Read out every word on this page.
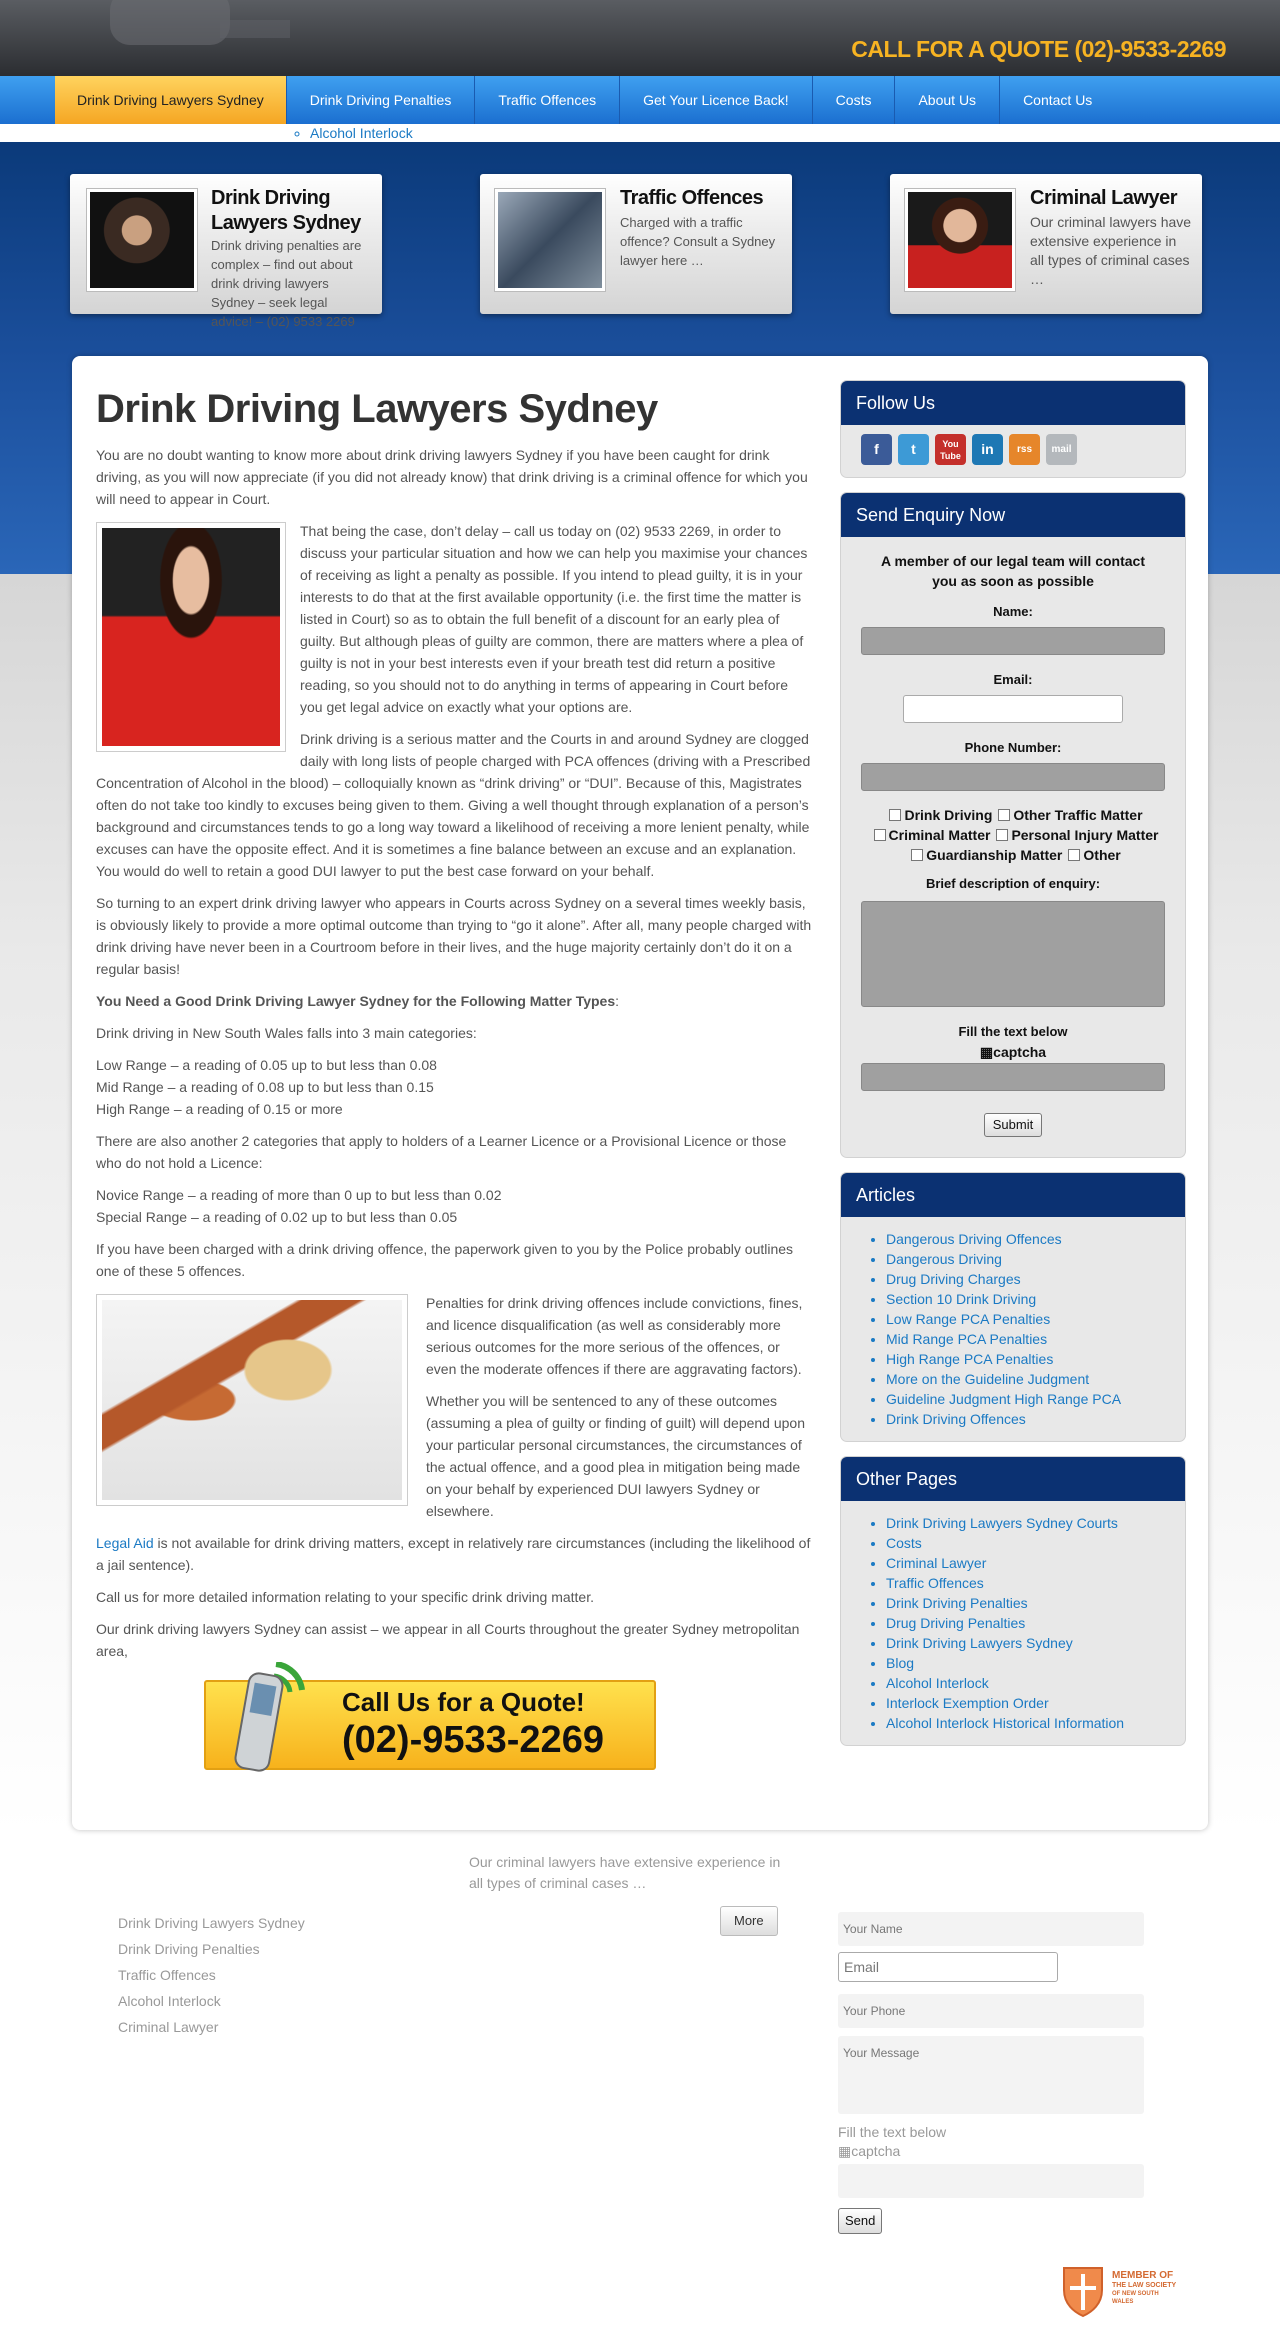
CALL FOR A QUOTE (02)-9533-2269
Drink Driving Lawyers Sydney	Drink Driving Penalties	Traffic Offences	Get Your Licence Back!	Costs	About Us	Contact Us
◦ Alcohol Interlock
Drink Driving Lawyers Sydney

Drink driving penalties are complex – find out about drink driving lawyers Sydney – seek legal advice! – (02) 9533 2269

Traffic Offences

Charged with a traffic offence? Consult a Sydney lawyer here …

Criminal Lawyer

Our criminal lawyers have extensive experience in all types of criminal cases …

Drink Driving Lawyers Sydney

You are no doubt wanting to know more about drink driving lawyers Sydney if you have been caught for drink driving, as you will now appreciate (if you did not already know) that drink driving is a criminal offence for which you will need to appear in Court.

That being the case, don’t delay – call us today on (02) 9533 2269, in order to discuss your particular situation and how we can help you maximise your chances of receiving as light a penalty as possible. If you intend to plead guilty, it is in your interests to do that at the first available opportunity (i.e. the first time the matter is listed in Court) so as to obtain the full benefit of a discount for an early plea of guilty. But although pleas of guilty are common, there are matters where a plea of guilty is not in your best interests even if your breath test did return a positive reading, so you should not to do anything in terms of appearing in Court before you get legal advice on exactly what your options are.

Drink driving is a serious matter and the Courts in and around Sydney are clogged daily with long lists of people charged with PCA offences (driving with a Prescribed Concentration of Alcohol in the blood) – colloquially known as “drink driving” or “DUI”. Because of this, Magistrates often do not take too kindly to excuses being given to them. Giving a well thought through explanation of a person’s background and circumstances tends to go a long way toward a likelihood of receiving a more lenient penalty, while excuses can have the opposite effect. And it is sometimes a fine balance between an excuse and an explanation. You would do well to retain a good DUI lawyer to put the best case forward on your behalf.

So turning to an expert drink driving lawyer who appears in Courts across Sydney on a several times weekly basis, is obviously likely to provide a more optimal outcome than trying to “go it alone”. After all, many people charged with drink driving have never been in a Courtroom before in their lives, and the huge majority certainly don’t do it on a regular basis!

You Need a Good Drink Driving Lawyer Sydney for the Following Matter Types:

Drink driving in New South Wales falls into 3 main categories:

Low Range – a reading of 0.05 up to but less than 0.08
Mid Range – a reading of 0.08 up to but less than 0.15
High Range – a reading of 0.15 or more

There are also another 2 categories that apply to holders of a Learner Licence or a Provisional Licence or those who do not hold a Licence:

Novice Range – a reading of more than 0 up to but less than 0.02
Special Range – a reading of 0.02 up to but less than 0.05

If you have been charged with a drink driving offence, the paperwork given to you by the Police probably outlines one of these 5 offences.

Penalties for drink driving offences include convictions, fines, and licence disqualification (as well as considerably more serious outcomes for the more serious of the offences, or even the moderate offences if there are aggravating factors).

Whether you will be sentenced to any of these outcomes (assuming a plea of guilty or finding of guilt) will depend upon your particular personal circumstances, the circumstances of the actual offence, and a good plea in mitigation being made on your behalf by experienced DUI lawyers Sydney or elsewhere.

Legal Aid is not available for drink driving matters, except in relatively rare circumstances (including the likelihood of a jail sentence).

Call us for more detailed information relating to your specific drink driving matter.

Our drink driving lawyers Sydney can assist – we appear in all Courts throughout the greater Sydney metropolitan area,

Call Us for a Quote!
(02)-9533-2269
Follow Us
f	t	You Tube	in	rss	mail
Send Enquiry Now
A member of our legal team will contact you as soon as possible
Name:
Email:
Phone Number:
Drink Driving Other Traffic Matter
Criminal Matter Personal Injury Matter
Guardianship Matter Other
Brief description of enquiry:
Fill the text below
▦captcha
Submit
Articles
• Dangerous Driving Offences
• Dangerous Driving
• Drug Driving Charges
• Section 10 Drink Driving
• Low Range PCA Penalties
• Mid Range PCA Penalties
• High Range PCA Penalties
• More on the Guideline Judgment
• Guideline Judgment High Range PCA
• Drink Driving Offences
Other Pages
• Drink Driving Lawyers Sydney Courts
• Costs
• Criminal Lawyer
• Traffic Offences
• Drink Driving Penalties
• Drug Driving Penalties
• Drink Driving Lawyers Sydney
• Blog
• Alcohol Interlock
• Interlock Exemption Order
• Alcohol Interlock Historical Information
Our criminal lawyers have extensive experience in all types of criminal cases …
More
Drink Driving Lawyers Sydney
Drink Driving Penalties
Traffic Offences
Alcohol Interlock
Criminal Lawyer
Your Name
Email
Your Phone
Your Message
Fill the text below
▦captcha
Send
MEMBER OF
THE LAW SOCIETY
OF NEW SOUTH WALES
